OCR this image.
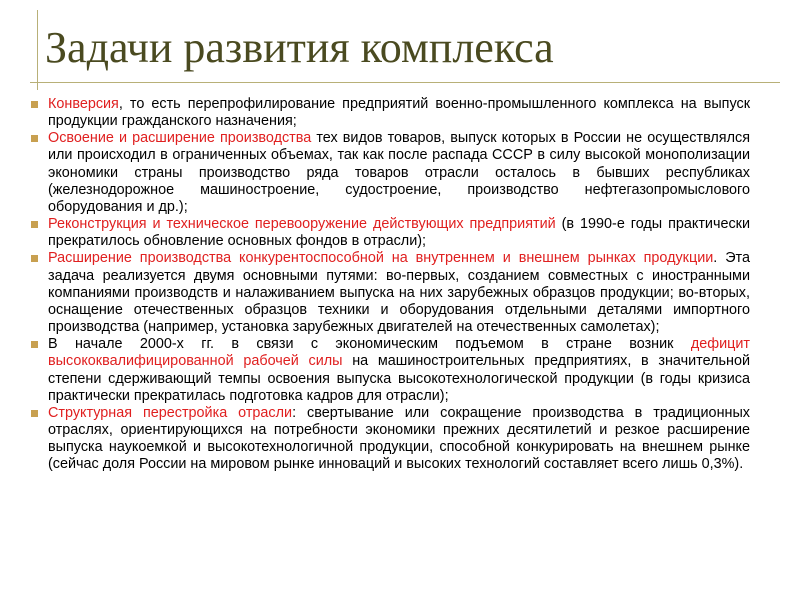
Задачи развития комплекса
Конверсия, то есть перепрофилирование предприятий военно-промышленного комплекса на выпуск продукции гражданского назначения;
Освоение и расширение производства тех видов товаров, выпуск которых в России не осуществлялся или происходил в ограниченных объемах, так как после распада СССР в силу высокой монополизации экономики страны производство ряда товаров отрасли осталось в бывших республиках (железнодорожное машиностроение, судостроение, производство нефтегазопромыслового оборудования и др.);
Реконструкция и техническое перевооружение действующих предприятий (в 1990-е годы практически прекратилось обновление основных фондов в отрасли);
Расширение производства конкурентоспособной на внутреннем и внешнем рынках продукции. Эта задача реализуется двумя основными путями: во-первых, созданием совместных с иностранными компаниями производств и налаживанием выпуска на них зарубежных образцов продукции; во-вторых, оснащение отечественных образцов техники и оборудования отдельными деталями импортного производства (например, установка зарубежных двигателей на отечественных самолетах);
В начале 2000-х гг. в связи с экономическим подъемом в стране возник дефицит высококвалифицированной рабочей силы на машиностроительных предприятиях, в значительной степени сдерживающий темпы освоения выпуска высокотехнологической продукции (в годы кризиса практически прекратилась подготовка кадров для отрасли);
Структурная перестройка отрасли: свертывание или сокращение производства в традиционных отраслях, ориентирующихся на потребности экономики прежних десятилетий и резкое расширение выпуска наукоемкой и высокотехнологичной продукции, способной конкурировать на внешнем рынке (сейчас доля России на мировом рынке инноваций и высоких технологий составляет всего лишь 0,3%).
